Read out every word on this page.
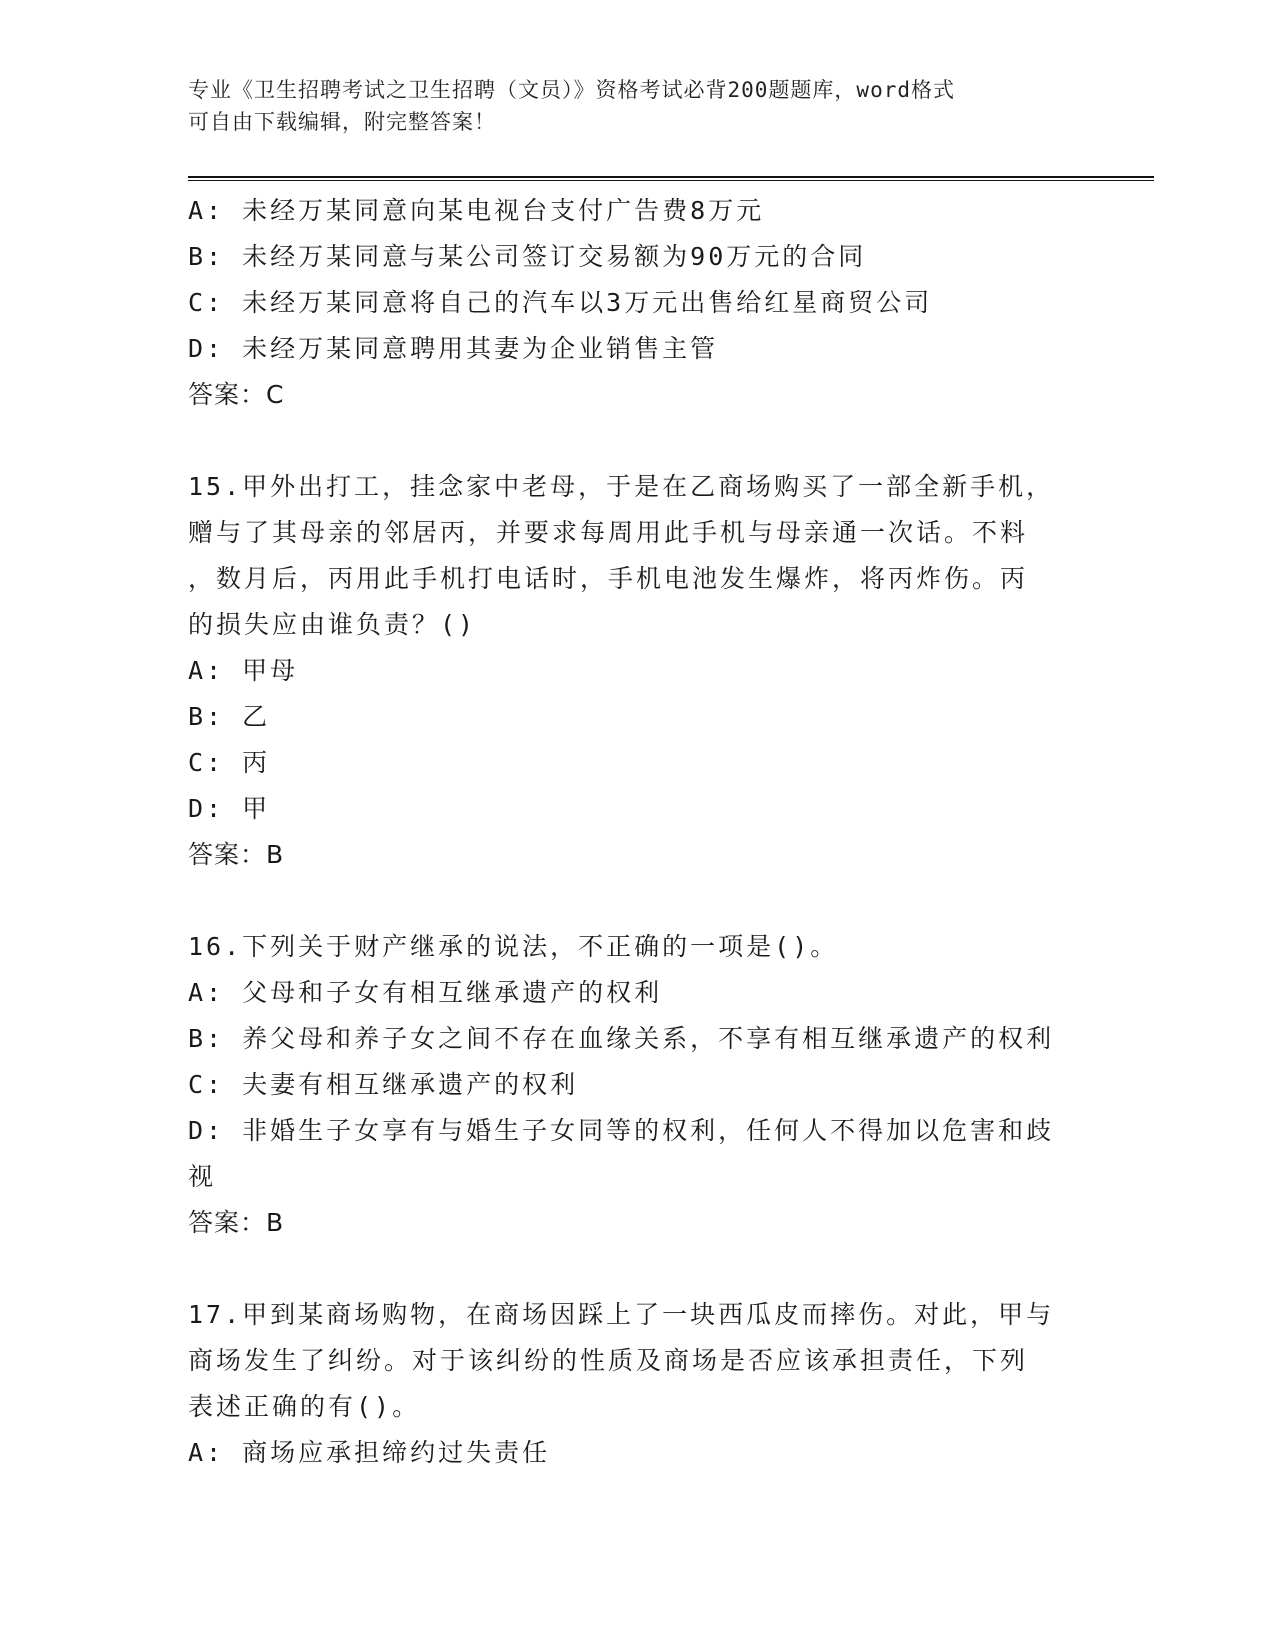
专业《卫生招聘考试之卫生招聘（文员）》资格考试必背200题题库，word格式
可自由下载编辑，附完整答案！
A: 未经万某同意向某电视台支付广告费8万元
B: 未经万某同意与某公司签订交易额为90万元的合同
C: 未经万某同意将自己的汽车以3万元出售给红星商贸公司
D: 未经万某同意聘用其妻为企业销售主管
答案：C
15.甲外出打工，挂念家中老母，于是在乙商场购买了一部全新手机，
赠与了其母亲的邻居丙，并要求每周用此手机与母亲通一次话。不料
，数月后，丙用此手机打电话时，手机电池发生爆炸，将丙炸伤。丙
的损失应由谁负责？()
A: 甲母
B: 乙
C: 丙
D: 甲
答案：B
16.下列关于财产继承的说法，不正确的一项是()。
A: 父母和子女有相互继承遗产的权利
B: 养父母和养子女之间不存在血缘关系，不享有相互继承遗产的权利
C: 夫妻有相互继承遗产的权利
D: 非婚生子女享有与婚生子女同等的权利，任何人不得加以危害和歧
视
答案：B
17.甲到某商场购物，在商场因踩上了一块西瓜皮而摔伤。对此，甲与
商场发生了纠纷。对于该纠纷的性质及商场是否应该承担责任，下列
表述正确的有()。
A: 商场应承担缔约过失责任
